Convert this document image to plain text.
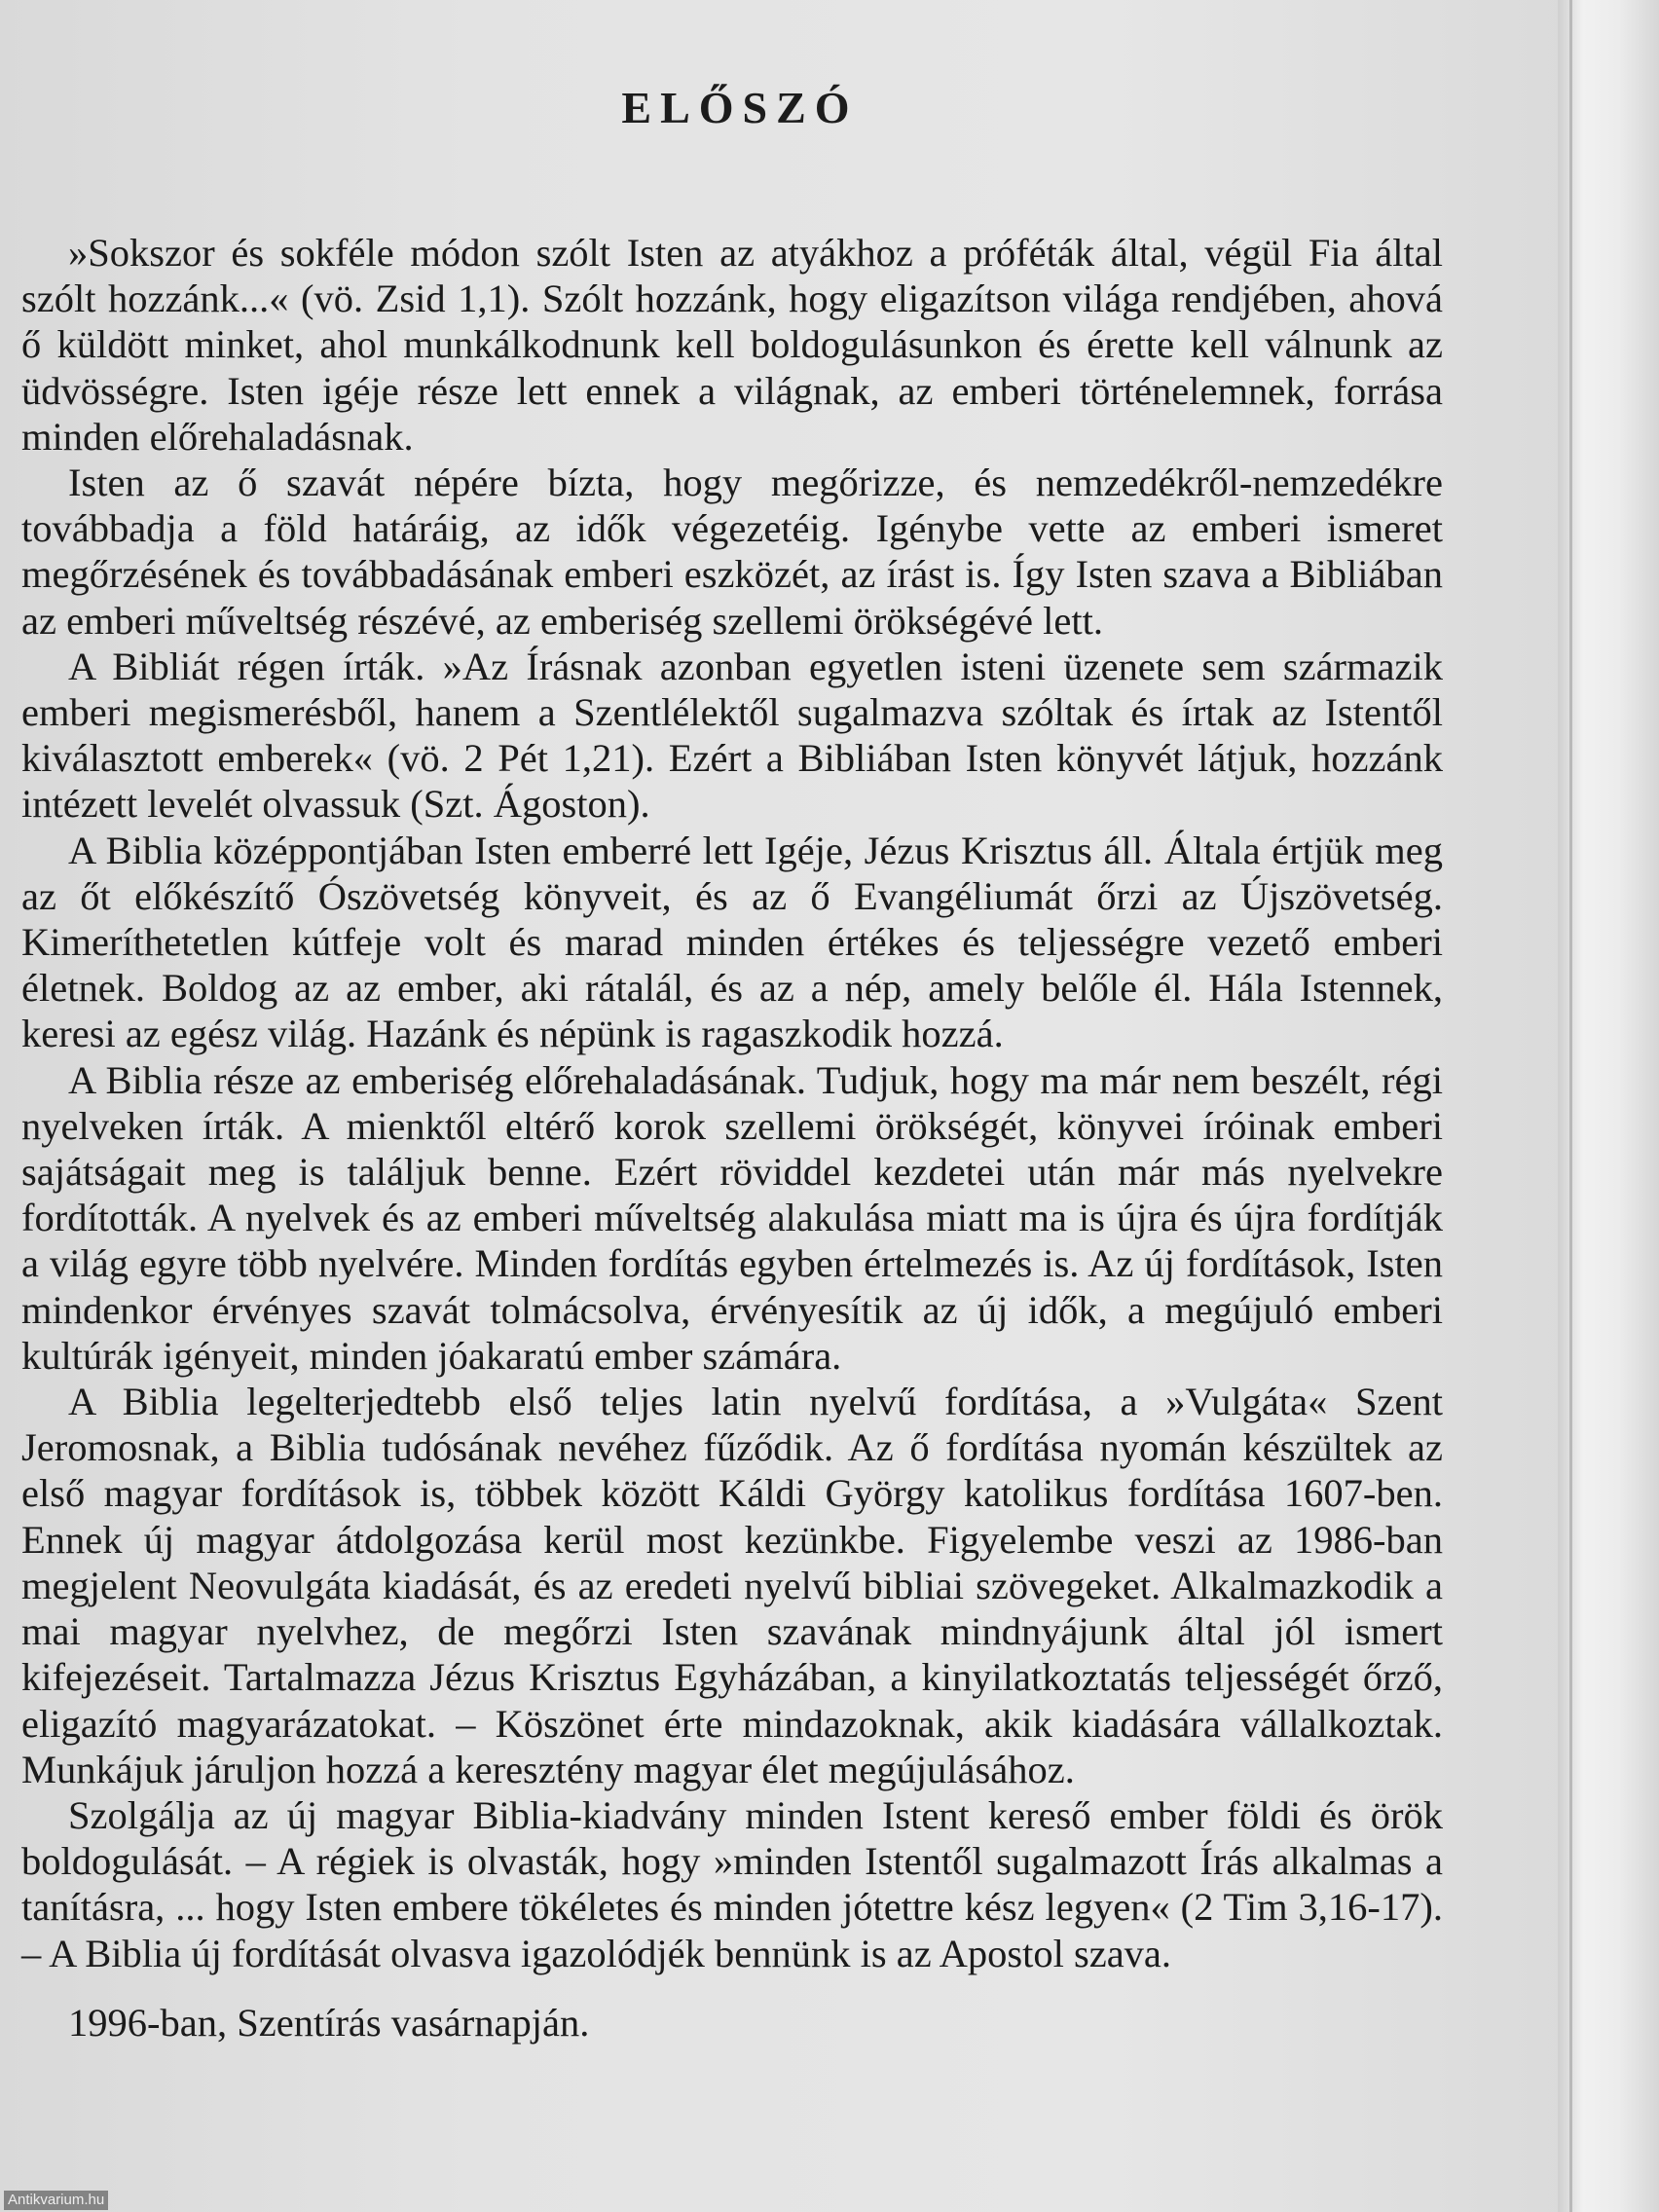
ELŐSZÓ

»Sokszor és sokféle módon szólt Isten az atyákhoz a próféták által, végül Fia által szólt hozzánk...« (vö. Zsid 1,1). Szólt hozzánk, hogy eligazítson világa rendjében, ahová ő küldött minket, ahol munkálkodnunk kell boldogulásunkon és érette kell válnunk az üdvösségre. Isten igéje része lett ennek a világnak, az emberi történelemnek, forrása minden előrehaladásnak.

Isten az ő szavát népére bízta, hogy megőrizze, és nemzedékről-nemzedékre továbbadja a föld határáig, az idők végezetéig. Igénybe vette az emberi ismeret megőrzésének és továbbadásának emberi eszközét, az írást is. Így Isten szava a Bibliában az emberi műveltség részévé, az emberiség szellemi örökségévé lett.

A Bibliát régen írták. »Az Írásnak azonban egyetlen isteni üzenete sem származik emberi megismerésből, hanem a Szentlélektől sugalmazva szóltak és írtak az Istentől kiválasztott emberek« (vö. 2 Pét 1,21). Ezért a Bibliában Isten könyvét látjuk, hozzánk intézett levelét olvassuk (Szt. Ágoston).

A Biblia középpontjában Isten emberré lett Igéje, Jézus Krisztus áll. Általa értjük meg az őt előkészítő Ószövetség könyveit, és az ő Evangéliumát őrzi az Újszövetség. Kimeríthetetlen kútfeje volt és marad minden értékes és teljességre vezető emberi életnek. Boldog az az ember, aki rátalál, és az a nép, amely belőle él. Hála Istennek, keresi az egész világ. Hazánk és népünk is ragaszkodik hozzá.

A Biblia része az emberiség előrehaladásának. Tudjuk, hogy ma már nem beszélt, régi nyelveken írták. A mienktől eltérő korok szellemi örökségét, könyvei íróinak emberi sajátságait meg is találjuk benne. Ezért röviddel kezdetei után már más nyelvekre fordították. A nyelvek és az emberi műveltség alakulása miatt ma is újra és újra fordítják a világ egyre több nyelvére. Minden fordítás egyben értelmezés is. Az új fordítások, Isten mindenkor érvényes szavát tolmácsolva, érvényesítik az új idők, a megújuló emberi kultúrák igényeit, minden jóakaratú ember számára.

A Biblia legelterjedtebb első teljes latin nyelvű fordítása, a »Vulgáta« Szent Jeromosnak, a Biblia tudósának nevéhez fűződik. Az ő fordítása nyomán készültek az első magyar fordítások is, többek között Káldi György katolikus fordítása 1607-ben. Ennek új magyar átdolgozása kerül most kezünkbe. Figyelembe veszi az 1986-ban megjelent Neovulgáta kiadását, és az eredeti nyelvű bibliai szövegeket. Alkalmazkodik a mai magyar nyelvhez, de megőrzi Isten szavának mindnyájunk által jól ismert kifejezéseit. Tartalmazza Jézus Krisztus Egyházában, a kinyilatkoztatás teljességét őrző, eligazító magyarázatokat. – Köszönet érte mindazoknak, akik kiadására vállalkoztak. Munkájuk járuljon hozzá a keresztény magyar élet megújulásához.

Szolgálja az új magyar Biblia-kiadvány minden Istent kereső ember földi és örök boldogulását. – A régiek is olvasták, hogy »minden Istentől sugalmazott Írás alkalmas a tanításra, ... hogy Isten embere tökéletes és minden jótettre kész legyen« (2 Tim 3,16-17). – A Biblia új fordítását olvasva igazolódjék bennünk is az Apostol szava.

1996-ban, Szentírás vasárnapján.

Antikvarium.hu
